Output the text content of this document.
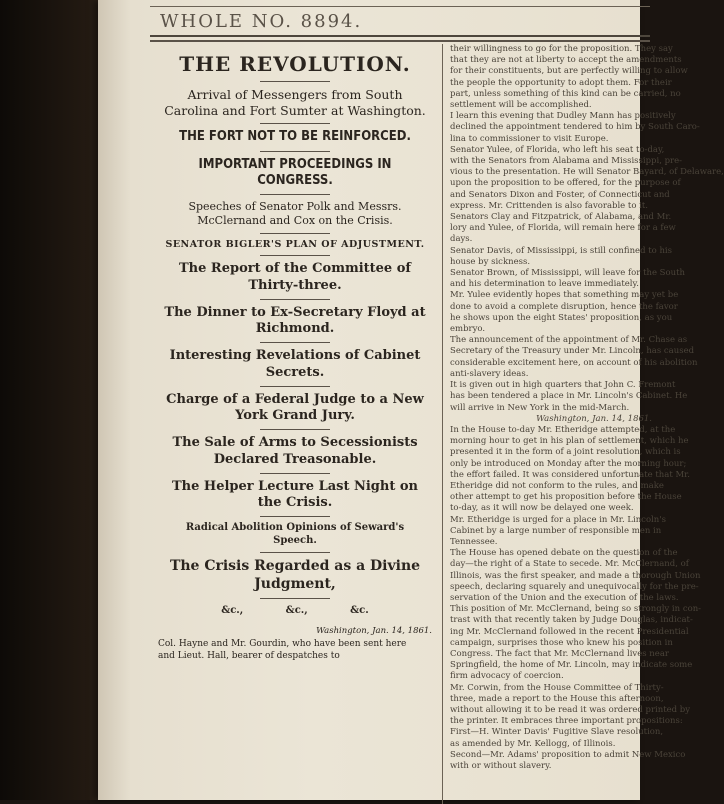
WHOLE NO. 8894.
THE REVOLUTION.
Arrival of Messengers from South Carolina and Fort Sumter at Washington.
THE FORT NOT TO BE REINFORCED.
IMPORTANT PROCEEDINGS IN CONGRESS.
Speeches of Senator Polk and Messrs. McClernand and Cox on the Crisis.
SENATOR BIGLER'S PLAN OF ADJUSTMENT.
The Report of the Committee of Thirty-three.
The Dinner to Ex-Secretary Floyd at Richmond.
Interesting Revelations of Cabinet Secrets.
Charge of a Federal Judge to a New York Grand Jury.
The Sale of Arms to Secessionists Declared Treasonable.
The Helper Lecture Last Night on the Crisis.
Radical Abolition Opinions of Seward's Speech.
The Crisis Regarded as a Divine Judgment,
&c.,	&c.,	&c.
Washington, Jan. 14, 1861.

Col. Hayne and Mr. Gourdin, who have been sent here

and Lieut. Hall, bearer of despatches to

their willingness to go for the proposition. They say

that they are not at liberty to accept the amendments

for their constituents, but are perfectly willing to allow

the people the opportunity to adopt them. For their

part, unless something of this kind can be carried, no

settlement will be accomplished.

I learn this evening that Dudley Mann has positively

declined the appointment tendered to him by South Caro-

lina to commissioner to visit Europe.

Senator Yulee, of Florida, who left his seat to-day,

with the Senators from Alabama and Mississippi, pre-

vious to the presentation. He will Senator Bayard, of Delaware,

upon the proposition to be offered, for the purpose of

and Senators Dixon and Foster, of Connecticut and

express. Mr. Crittenden is also favorable to it.

Senators Clay and Fitzpatrick, of Alabama, and Mr.

lory and Yulee, of Florida, will remain here for a few

days.

Senator Davis, of Mississippi, is still confined to his

house by sickness.

Senator Brown, of Mississippi, will leave for the South

and his determination to leave immediately.

Mr. Yulee evidently hopes that something may yet be

done to avoid a complete disruption, hence the favor

he shows upon the eight States' proposition, as you

embryo.

The announcement of the appointment of Mr. Chase as

Secretary of the Treasury under Mr. Lincoln, has caused

considerable excitement here, on account of his abolition

anti-slavery ideas.

It is given out in high quarters that John C. Fremont

has been tendered a place in Mr. Lincoln's Cabinet. He

will arrive in New York in the mid-March.

Washington, Jan. 14, 1861.

In the House to-day Mr. Etheridge attempted, at the

morning hour to get in his plan of settlement, which he

presented it in the form of a joint resolution, which is

only be introduced on Monday after the morning hour;

the effort failed. It was considered unfortunate that Mr.

Etheridge did not conform to the rules, and make

other attempt to get his proposition before the House

to-day, as it will now be delayed one week.

Mr. Etheridge is urged for a place in Mr. Lincoln's

Cabinet by a large number of responsible men in

Tennessee.

The House has opened debate on the question of the

day—the right of a State to secede. Mr. McClernand, of

Illinois, was the first speaker, and made a thorough Union

speech, declaring squarely and unequivocally for the pre-

servation of the Union and the execution of the laws.

This position of Mr. McClernand, being so strongly in con-

trast with that recently taken by Judge Douglas, indicat-

ing Mr. McClernand followed in the recent Presidential

campaign, surprises those who knew his position in

Congress. The fact that Mr. McClernand lives near

Springfield, the home of Mr. Lincoln, may indicate some

firm advocacy of coercion.

Mr. Corwin, from the House Committee of Thirty-

three, made a report to the House this afternoon,

without allowing it to be read it was ordered printed by

the printer. It embraces three important propositions:

First—H. Winter Davis' Fugitive Slave resolution,

as amended by Mr. Kellogg, of Illinois.

Second—Mr. Adams' proposition to admit New Mexico

with or without slavery.
